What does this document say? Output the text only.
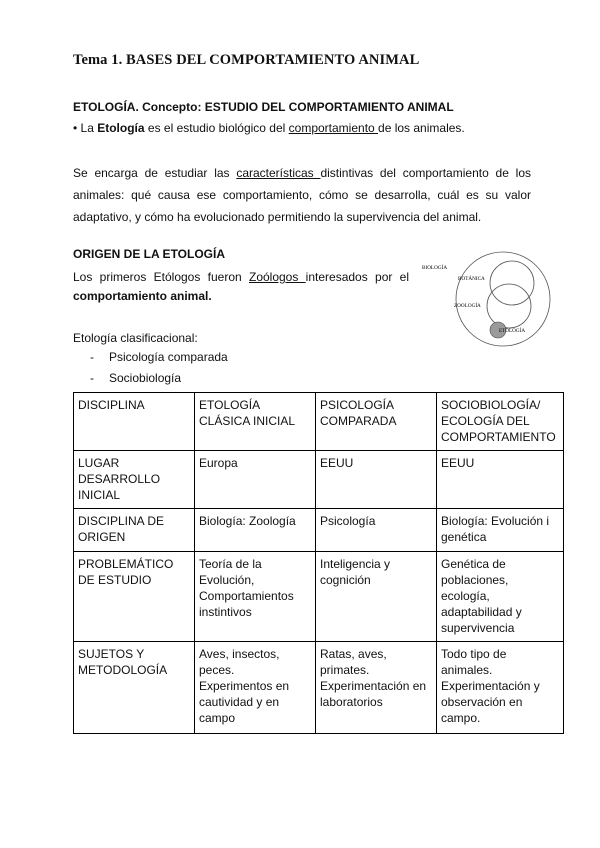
Tema 1. BASES DEL COMPORTAMIENTO ANIMAL

ETOLOGÍA. Concepto: ESTUDIO DEL COMPORTAMIENTO ANIMAL

• La Etología es el estudio biológico del comportamiento de los animales.

Se encarga de estudiar las características distintivas del comportamiento de los animales: qué causa ese comportamiento, cómo se desarrolla, cuál es su valor adaptativo, y cómo ha evolucionado permitiendo la supervivencia del animal.

ORIGEN DE LA ETOLOGÍA

Los primeros Etólogos fueron Zoólogos interesados por el

comportamiento animal.

BIOLOGÍA
BOTÁNICA
ZOOLOGÍA
ETOLOGÍA

Etología clasificacional:

- Psicología comparada
- Sociobiología
DISCIPLINA	ETOLOGÍA CLÁSICA INICIAL	PSICOLOGÍA COMPARADA	SOCIOBIOLOGÍA/ ECOLOGÍA DEL COMPORTAMIENTO
LUGAR DESARROLLO INICIAL	Europa	EEUU	EEUU
DISCIPLINA DE ORIGEN	Biología: Zoología	Psicología	Biología: Evolución i genética
PROBLEMÁTICO DE ESTUDIO	Teoría de la Evolución, Comportamientos instintivos	Inteligencia y cognición	Genética de poblaciones, ecología, adaptabilidad y supervivencia
SUJETOS Y METODOLOGÍA	Aves, insectos, peces. Experimentos en cautividad y en campo	Ratas, aves, primates. Experimentación en laboratorios	Todo tipo de animales. Experimentación y observación en campo.
